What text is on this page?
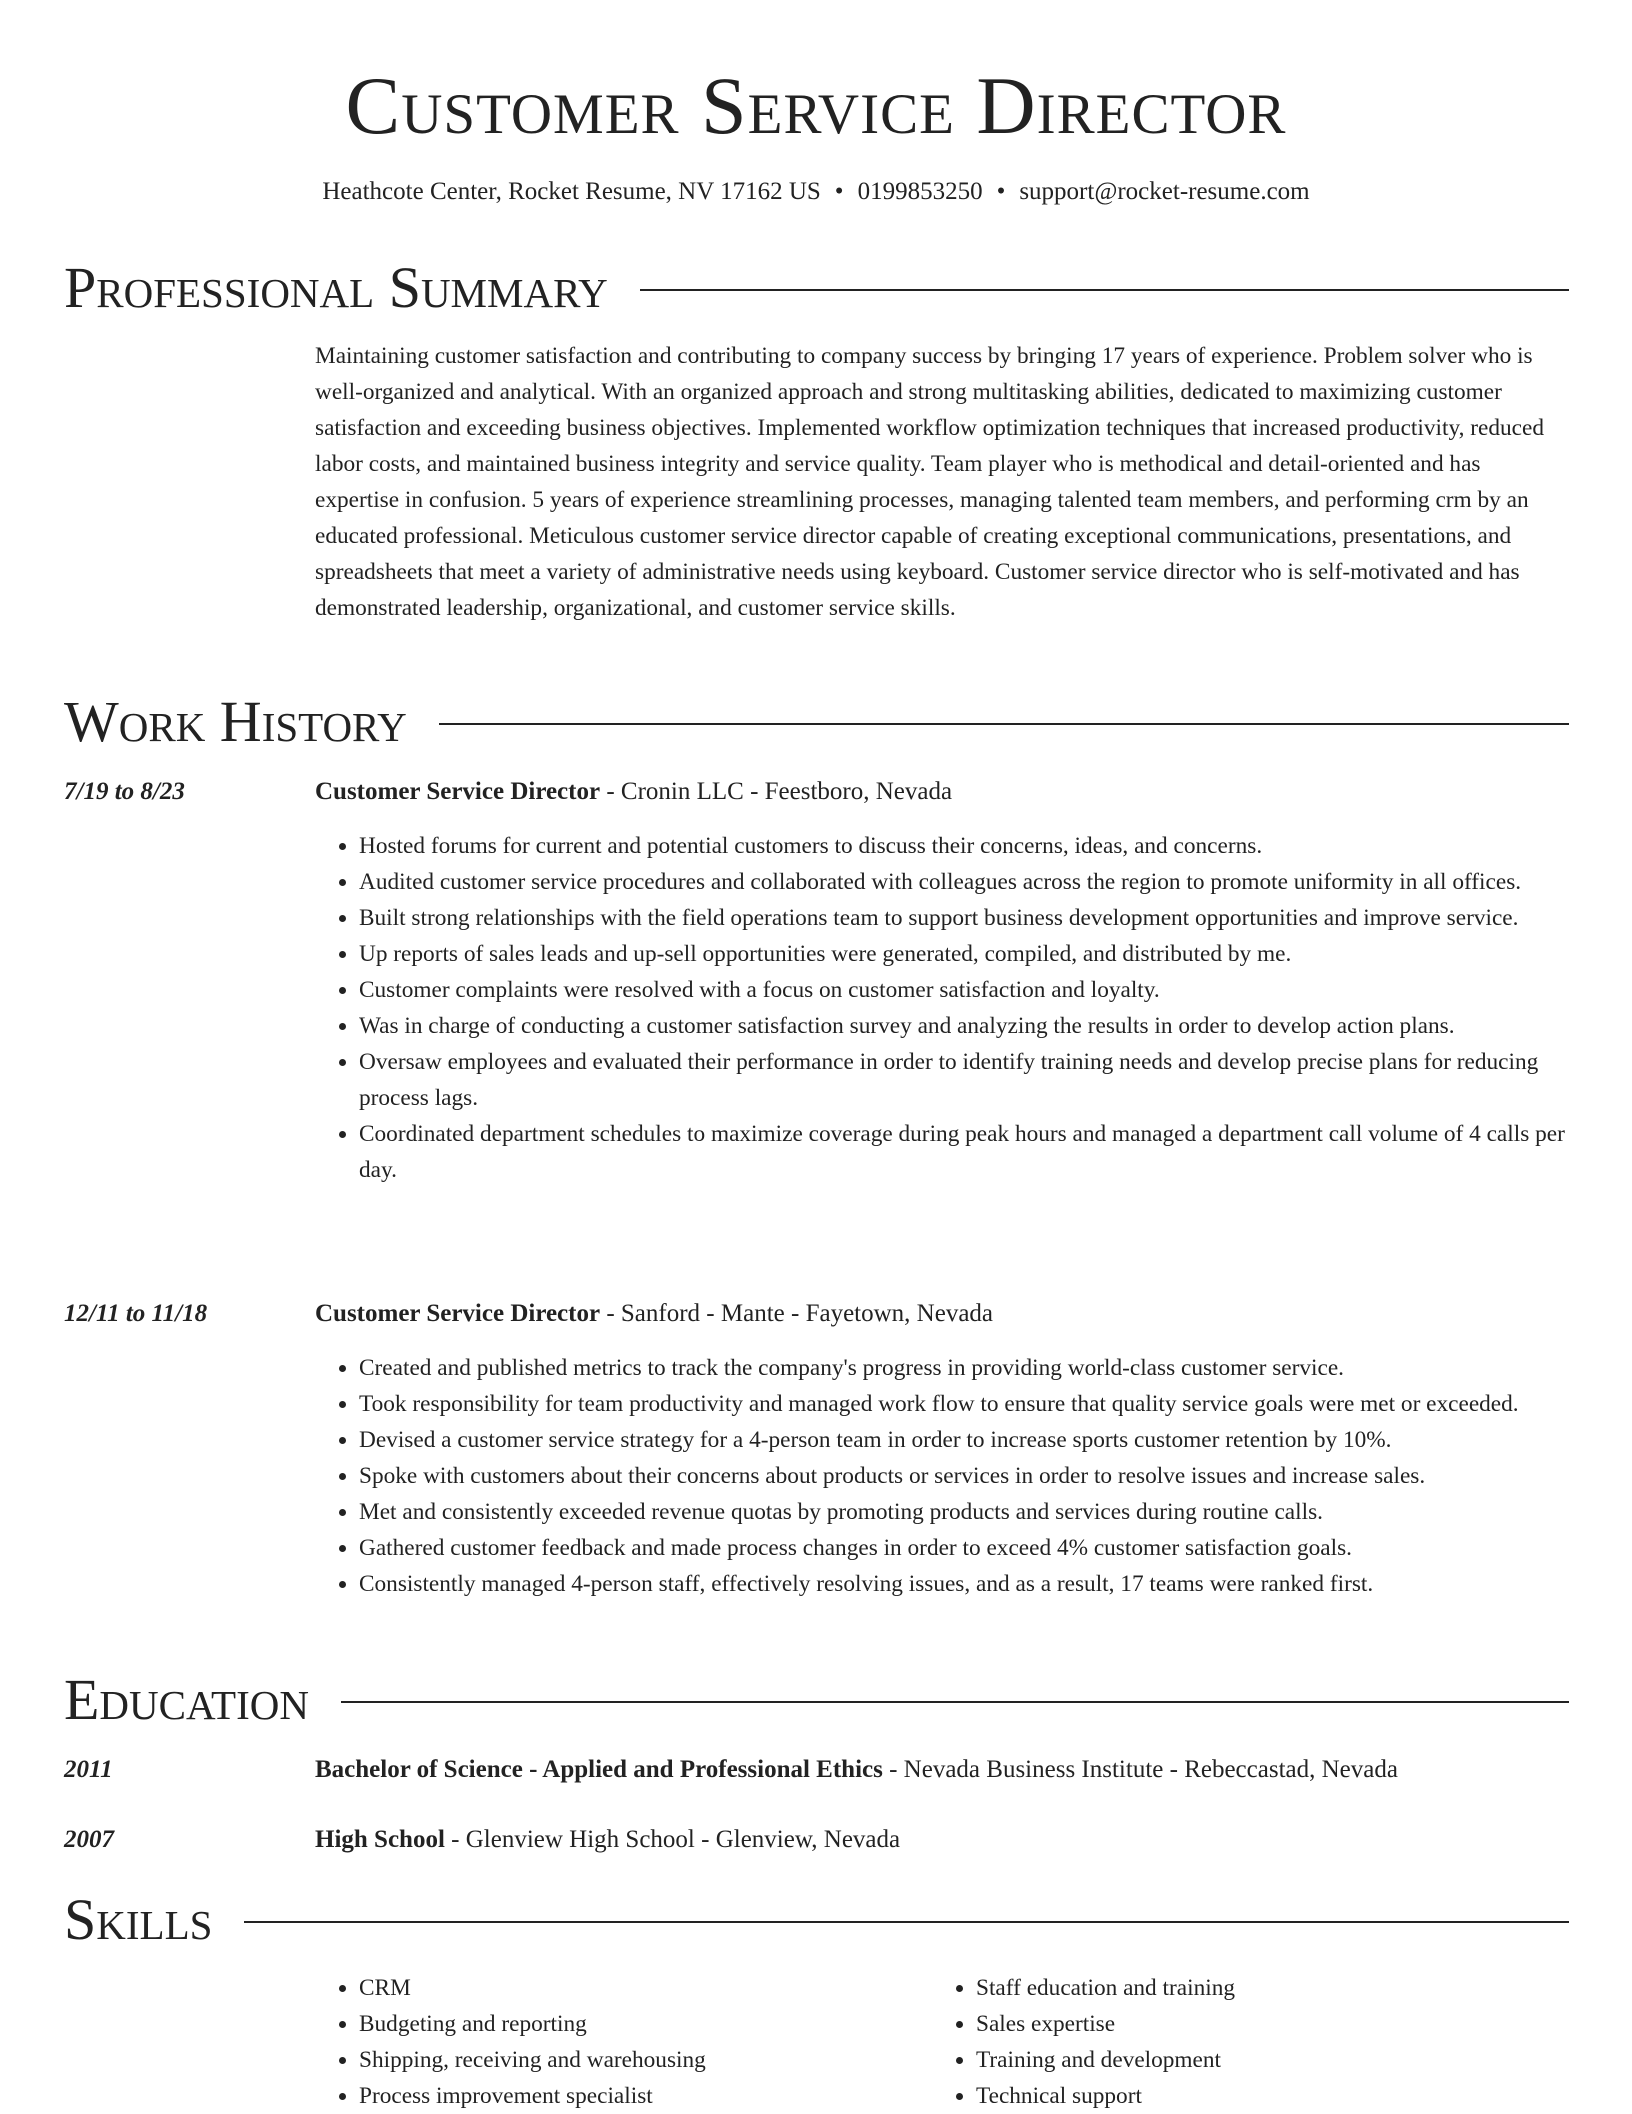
Customer Service Director
Heathcote Center, Rocket Resume, NV 17162 US • 0199853250 • support@rocket-resume.com
Professional Summary

Maintaining customer satisfaction and contributing to company success by bringing 17 years of experience. Problem solver who is well-organized and analytical. With an organized approach and strong multitasking abilities, dedicated to maximizing customer satisfaction and exceeding business objectives. Implemented workflow optimization techniques that increased productivity, reduced labor costs, and maintained business integrity and service quality. Team player who is methodical and detail-oriented and has expertise in confusion. 5 years of experience streamlining processes, managing talented team members, and performing crm by an educated professional. Meticulous customer service director capable of creating exceptional communications, presentations, and spreadsheets that meet a variety of administrative needs using keyboard. Customer service director who is self-motivated and has demonstrated leadership, organizational, and customer service skills.

Work History
7/19 to 8/23	Customer Service Director - Cronin LLC - Feestboro, Nevada
• Hosted forums for current and potential customers to discuss their concerns, ideas, and concerns.
• Audited customer service procedures and collaborated with colleagues across the region to promote uniformity in all offices.
• Built strong relationships with the field operations team to support business development opportunities and improve service.
• Up reports of sales leads and up-sell opportunities were generated, compiled, and distributed by me.
• Customer complaints were resolved with a focus on customer satisfaction and loyalty.
• Was in charge of conducting a customer satisfaction survey and analyzing the results in order to develop action plans.
• Oversaw employees and evaluated their performance in order to identify training needs and develop precise plans for reducing process lags.
• Coordinated department schedules to maximize coverage during peak hours and managed a department call volume of 4 calls per day.
12/11 to 11/18	Customer Service Director - Sanford - Mante - Fayetown, Nevada
• Created and published metrics to track the company's progress in providing world-class customer service.
• Took responsibility for team productivity and managed work flow to ensure that quality service goals were met or exceeded.
• Devised a customer service strategy for a 4-person team in order to increase sports customer retention by 10%.
• Spoke with customers about their concerns about products or services in order to resolve issues and increase sales.
• Met and consistently exceeded revenue quotas by promoting products and services during routine calls.
• Gathered customer feedback and made process changes in order to exceed 4% customer satisfaction goals.
• Consistently managed 4-person staff, effectively resolving issues, and as a result, 17 teams were ranked first.
Education
2011	Bachelor of Science - Applied and Professional Ethics - Nevada Business Institute - Rebeccastad, Nevada
2007	High School - Glenview High School - Glenview, Nevada
Skills
• CRM
• Budgeting and reporting
• Shipping, receiving and warehousing
• Process improvement specialist
• Staff education and training
• Sales expertise
• Training and development
• Technical support
